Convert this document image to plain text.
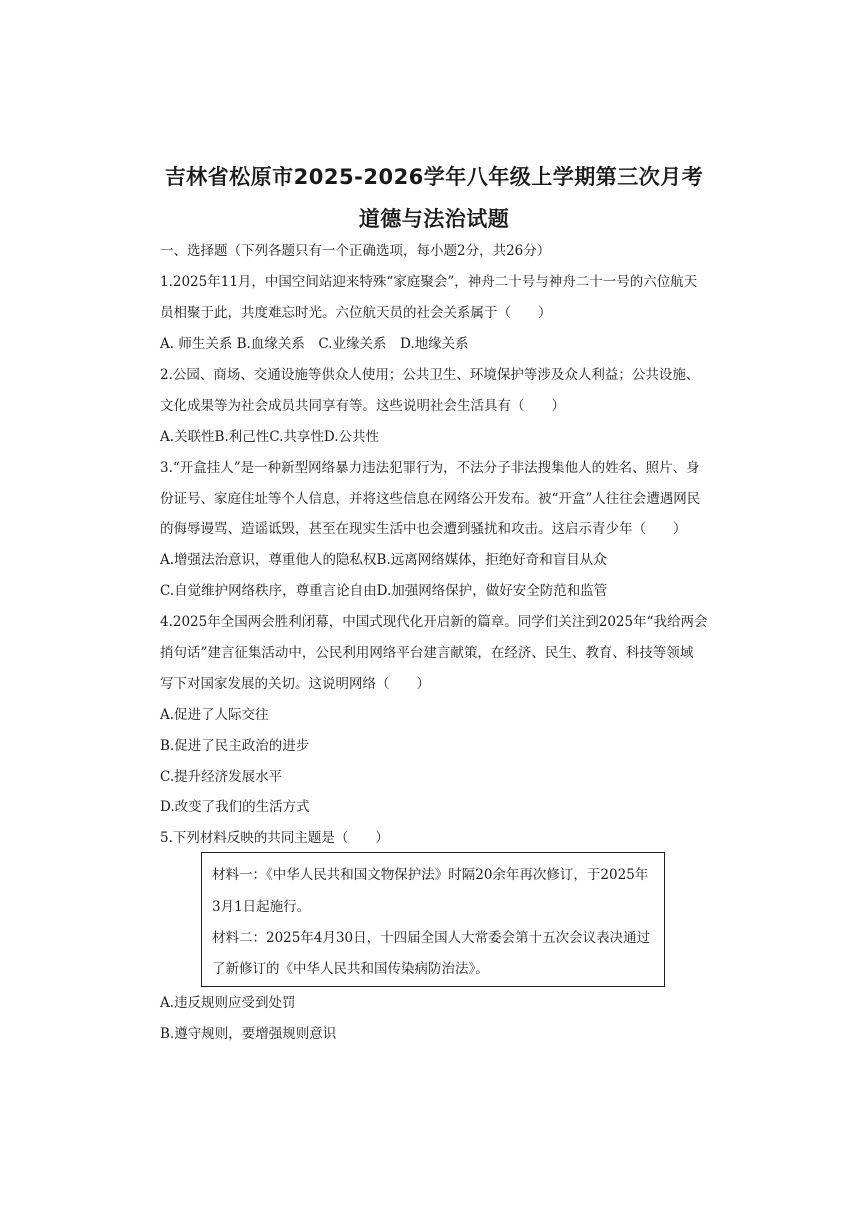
吉林省松原市2025-2026学年八年级上学期第三次月考
道德与法治试题
一、选择题（下列各题只有一个正确选项，每小题2分，共26分）
1.2025年11月，中国空间站迎来特殊“家庭聚会”，神舟二十号与神舟二十一号的六位航天
员相聚于此，共度难忘时光。六位航天员的社会关系属于（　　）
A. 师生关系 B.血缘关系　C.业缘关系　D.地缘关系
2.公园、商场、交通设施等供众人使用；公共卫生、环境保护等涉及众人利益；公共设施、
文化成果等为社会成员共同享有等。这些说明社会生活具有（　　）
A.关联性B.利己性C.共享性D.公共性
3.“开盒挂人”是一种新型网络暴力违法犯罪行为，不法分子非法搜集他人的姓名、照片、身
份证号、家庭住址等个人信息，并将这些信息在网络公开发布。被“开盒”人往往会遭遇网民
的侮辱谩骂、造谣诋毁，甚至在现实生活中也会遭到骚扰和攻击。这启示青少年（　　）
A.增强法治意识，尊重他人的隐私权B.远离网络媒体，拒绝好奇和盲目从众
C.自觉维护网络秩序，尊重言论自由D.加强网络保护，做好安全防范和监管
4.2025年全国两会胜利闭幕，中国式现代化开启新的篇章。同学们关注到2025年“我给两会
捎句话”建言征集活动中，公民利用网络平台建言献策，在经济、民生、教育、科技等领域
写下对国家发展的关切。这说明网络（　　）
A.促进了人际交往
B.促进了民主政治的进步
C.提升经济发展水平
D.改变了我们的生活方式
5.下列材料反映的共同主题是（　　）
材料一：《中华人民共和国文物保护法》时隔20余年再次修订，于2025年
3月1日起施行。
材料二：2025年4月30日，十四届全国人大常委会第十五次会议表决通过
了新修订的《中华人民共和国传染病防治法》。
A.违反规则应受到处罚
B.遵守规则，要增强规则意识
